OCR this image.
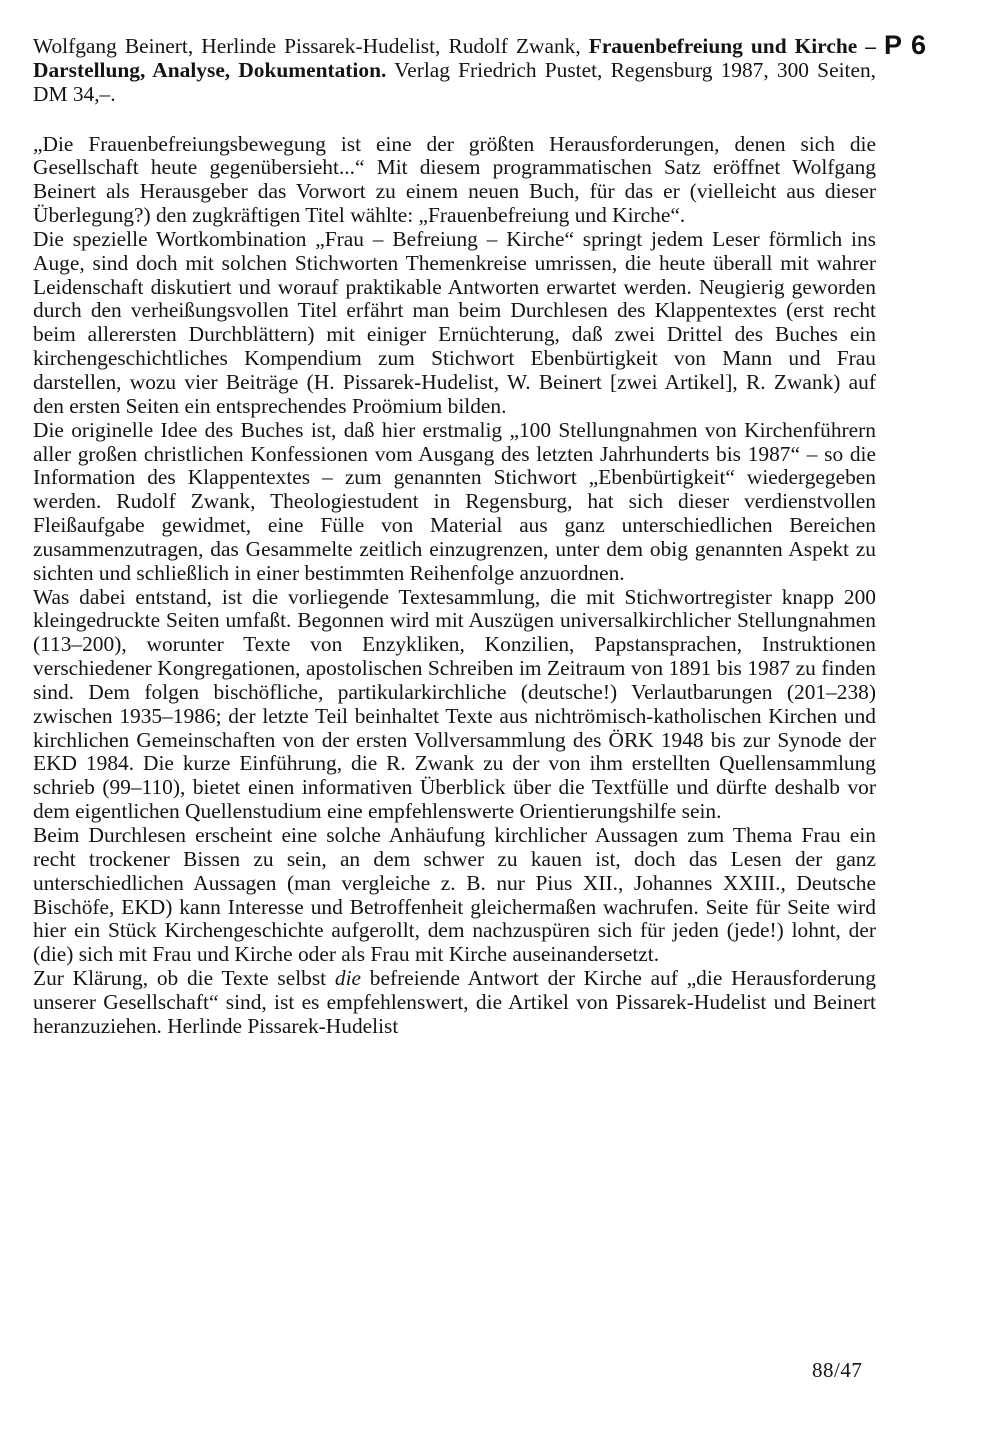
P 6

Wolfgang Beinert, Herlinde Pissarek-Hudelist, Rudolf Zwank, Frauenbefreiung und Kirche – Darstellung, Analyse, Dokumentation. Verlag Friedrich Pustet, Regensburg 1987, 300 Seiten, DM 34,–.

„Die Frauenbefreiungsbewegung ist eine der größten Herausforderungen, denen sich die Gesellschaft heute gegenübersieht...“ Mit diesem programmatischen Satz eröffnet Wolfgang Beinert als Herausgeber das Vorwort zu einem neuen Buch, für das er (vielleicht aus dieser Überlegung?) den zugkräftigen Titel wählte: „Frauenbefreiung und Kirche“.

Die spezielle Wortkombination „Frau – Befreiung – Kirche“ springt jedem Leser förmlich ins Auge, sind doch mit solchen Stichworten Themenkreise umrissen, die heute überall mit wahrer Leidenschaft diskutiert und worauf praktikable Antworten erwartet werden. Neugierig geworden durch den verheißungsvollen Titel erfährt man beim Durchlesen des Klappentextes (erst recht beim allerersten Durchblättern) mit einiger Ernüchterung, daß zwei Drittel des Buches ein kirchengeschichtliches Kompendium zum Stichwort Ebenbürtigkeit von Mann und Frau darstellen, wozu vier Beiträge (H. Pissarek-Hudelist, W. Beinert [zwei Artikel], R. Zwank) auf den ersten Seiten ein entsprechendes Proömium bilden.

Die originelle Idee des Buches ist, daß hier erstmalig „100 Stellungnahmen von Kirchenführern aller großen christlichen Konfessionen vom Ausgang des letzten Jahrhunderts bis 1987“ – so die Information des Klappentextes – zum genannten Stichwort „Ebenbürtigkeit“ wiedergegeben werden. Rudolf Zwank, Theologiestudent in Regensburg, hat sich dieser verdienstvollen Fleißaufgabe gewidmet, eine Fülle von Material aus ganz unterschiedlichen Bereichen zusammenzutragen, das Gesammelte zeitlich einzugrenzen, unter dem obig genannten Aspekt zu sichten und schließlich in einer bestimmten Reihenfolge anzuordnen.

Was dabei entstand, ist die vorliegende Textesammlung, die mit Stichwortregister knapp 200 kleingedruckte Seiten umfaßt. Begonnen wird mit Auszügen universalkirchlicher Stellungnahmen (113–200), worunter Texte von Enzykliken, Konzilien, Papstansprachen, Instruktionen verschiedener Kongregationen, apostolischen Schreiben im Zeitraum von 1891 bis 1987 zu finden sind. Dem folgen bischöfliche, partikularkirchliche (deutsche!) Verlautbarungen (201–238) zwischen 1935–1986; der letzte Teil beinhaltet Texte aus nichtrömisch-katholischen Kirchen und kirchlichen Gemeinschaften von der ersten Vollversammlung des ÖRK 1948 bis zur Synode der EKD 1984. Die kurze Einführung, die R. Zwank zu der von ihm erstellten Quellensammlung schrieb (99–110), bietet einen informativen Überblick über die Textfülle und dürfte deshalb vor dem eigentlichen Quellenstudium eine empfehlenswerte Orientierungshilfe sein.

Beim Durchlesen erscheint eine solche Anhäufung kirchlicher Aussagen zum Thema Frau ein recht trockener Bissen zu sein, an dem schwer zu kauen ist, doch das Lesen der ganz unterschiedlichen Aussagen (man vergleiche z. B. nur Pius XII., Johannes XXIII., Deutsche Bischöfe, EKD) kann Interesse und Betroffenheit gleichermaßen wachrufen. Seite für Seite wird hier ein Stück Kirchengeschichte aufgerollt, dem nachzuspüren sich für jeden (jede!) lohnt, der (die) sich mit Frau und Kirche oder als Frau mit Kirche auseinandersetzt.

Zur Klärung, ob die Texte selbst die befreiende Antwort der Kirche auf „die Herausforderung unserer Gesellschaft“ sind, ist es empfehlenswert, die Artikel von Pissarek-Hudelist und Beinert heranzuziehen. Herlinde Pissarek-Hudelist

88/47
